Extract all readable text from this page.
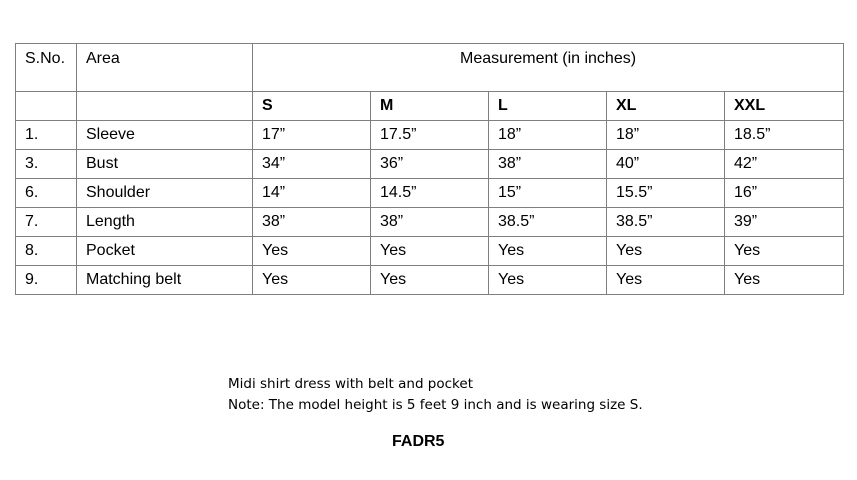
S.No.	Area	Measurement (in inches)				
		S	M	L	XL	XXL
1.	Sleeve	17”	17.5”	18”	18”	18.5”
3.	Bust	34”	36”	38”	40”	42”
6.	Shoulder	14”	14.5”	15”	15.5”	16”
7.	Length	38”	38”	38.5”	38.5”	39”
8.	Pocket	Yes	Yes	Yes	Yes	Yes
9.	Matching belt	Yes	Yes	Yes	Yes	Yes
Midi shirt dress with belt and pocket
Note: The model height is 5 feet 9 inch and is wearing size S.
FADR5
